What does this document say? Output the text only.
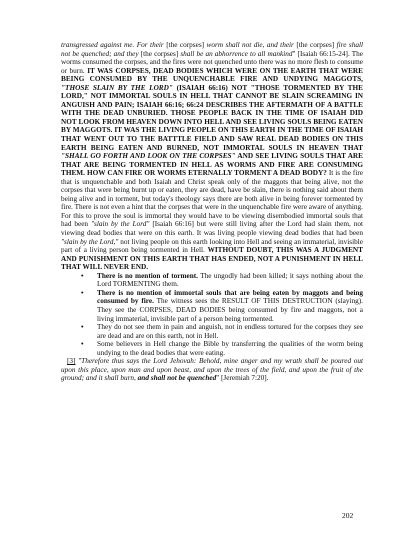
transgressed against me. For their [the corpses] worm shall not die, and their [the corpses] fire shall not be quenched; and they [the corpses] shall be an abhorrence to all mankind" [Isaiah 66:15-24]. The worms consumed the corpses, and the fires were not quenched unto there was no more flesh to consume or burn. IT WAS CORPSES, DEAD BODIES WHICH WERE ON THE EARTH THAT WERE BEING CONSUMED BY THE UNQUENCHABLE FIRE AND UNDYING MAGGOTS, "THOSE SLAIN BY THE LORD" (ISAIAH 66:16) NOT "THOSE TORMENTED BY THE LORD," NOT IMMORTAL SOULS IN HELL THAT CANNOT BE SLAIN SCREAMING IN ANGUISH AND PAIN; ISAIAH 66:16; 66:24 DESCRIBES THE AFTERMATH OF A BATTLE WITH THE DEAD UNBURIED. THOSE PEOPLE BACK IN THE TIME OF ISAIAH DID NOT LOOK FROM HEAVEN DOWN INTO HELL AND SEE LIVING SOULS BEING EATEN BY MAGGOTS. IT WAS THE LIVING PEOPLE ON THIS EARTH IN THE TIME OF ISAIAH THAT WENT OUT TO THE BATTTLE FIELD AND SAW REAL DEAD BODIES ON THIS EARTH BEING EATEN AND BURNED, NOT IMMORTAL SOULS IN HEAVEN THAT "SHALL GO FORTH AND LOOK ON THE CORPSES" AND SEE LIVING SOULS THAT ARE THAT ARE BEING TORMENTED IN HELL AS WORMS AND FIRE ARE CONSUMING THEM. HOW CAN FIRE OR WORMS ETERNALLY TORMENT A DEAD BODY? It is the fire that is unquenchable and both Isaiah and Christ speak only of the maggots that being alive, not the corpses that were being burnt up or eaten, they are dead, have be slain, there is nothing said about them being alive and in torment, but today's theology says there are both alive in being forever tormented by fire. There is not even a hint that the corpses that were in the unquenchable fire were aware of anything. For this to prove the soul is immortal they would have to be viewing disembodied immortal souls that had been "slain by the Lord" [Isaiah 66:16] but were still living after the Lord had slain them, not viewing dead bodies that were on this earth. It was living people viewing dead bodies that had been "slain by the Lord," not living people on this earth looking into Hell and seeing an immaterial, invisible part of a living person being tormented in Hell. WITHOUT DOUBT, THIS WAS A JUDGMENT AND PUNISHMENT ON THIS EARTH THAT HAS ENDED, NOT A PUNISHMENT IN HELL THAT WILL NEVER END.

• There is no mention of torment. The ungodly had been killed; it says nothing about the Lord TORMENTING them.
• There is no mention of immortal souls that are being eaten by maggots and being consumed by fire. The witness sees the RESULT OF THIS DESTRUCTION (slaying). They see the CORPSES, DEAD BODIES being consumed by fire and maggots, not a living immaterial, invisible part of a person being tormented.
• They do not see them in pain and anguish, not in endless tortured for the corpses they see are dead and are on this earth, not in Hell.
• Some believers in Hell change the Bible by transferring the qualities of the worm being undying to the dead bodies that were eating.

[3] "Therefore thus says the Lord Jehovah: Behold, mine anger and my wrath shall be poured out upon this place, upon man and upon beast, and upon the trees of the field, and upon the fruit of the ground; and it shall burn, and shall not be quenched" [Jeremiah 7:20].

202
